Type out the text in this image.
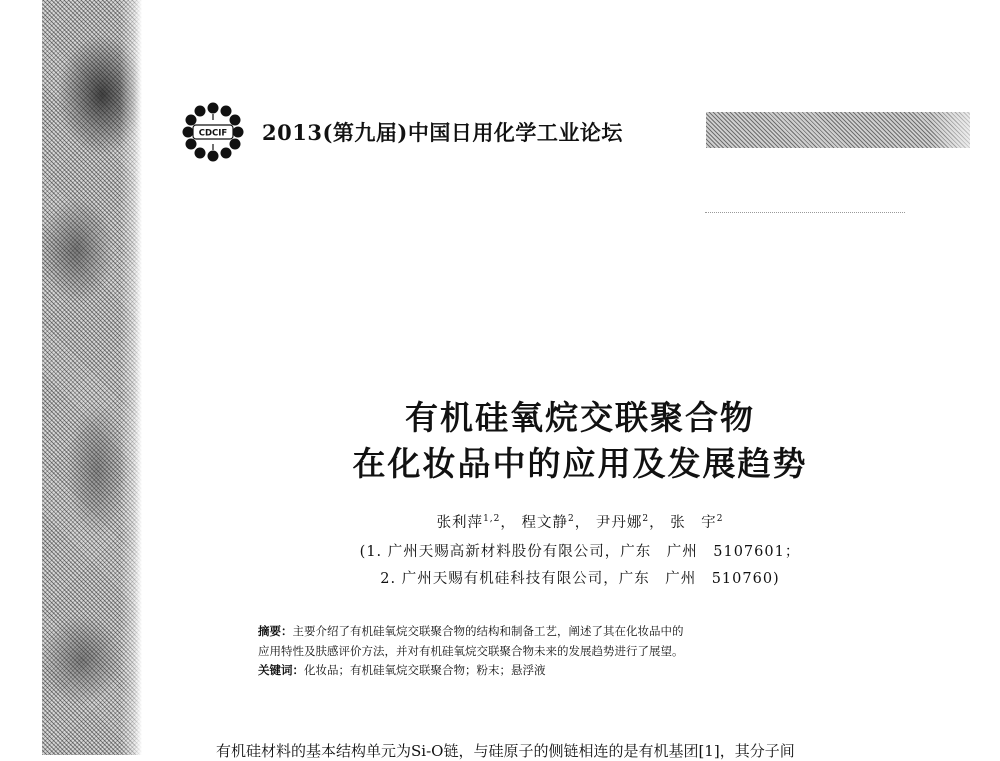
CDCIF 2013(第九届)中国日用化学工业论坛
有机硅氧烷交联聚合物
在化妆品中的应用及发展趋势
张利萍$^{1,2}$， 程文静$^2$， 尹丹娜$^2$， 张　宇$^2$
(1. 广州天赐高新材料股份有限公司，广东　广州　5107601；
2. 广州天赐有机硅科技有限公司，广东　广州　510760)
摘要：主要介绍了有机硅氧烷交联聚合物的结构和制备工艺，阐述了其在化妆品中的
应用特性及肤感评价方法，并对有机硅氧烷交联聚合物未来的发展趋势进行了展望。
关键词：化妆品；有机硅氧烷交联聚合物；粉末；悬浮液
有机硅材料的基本结构单元为Si-O链，与硅原子的侧链相连的是有机基团[1]，其分子间
